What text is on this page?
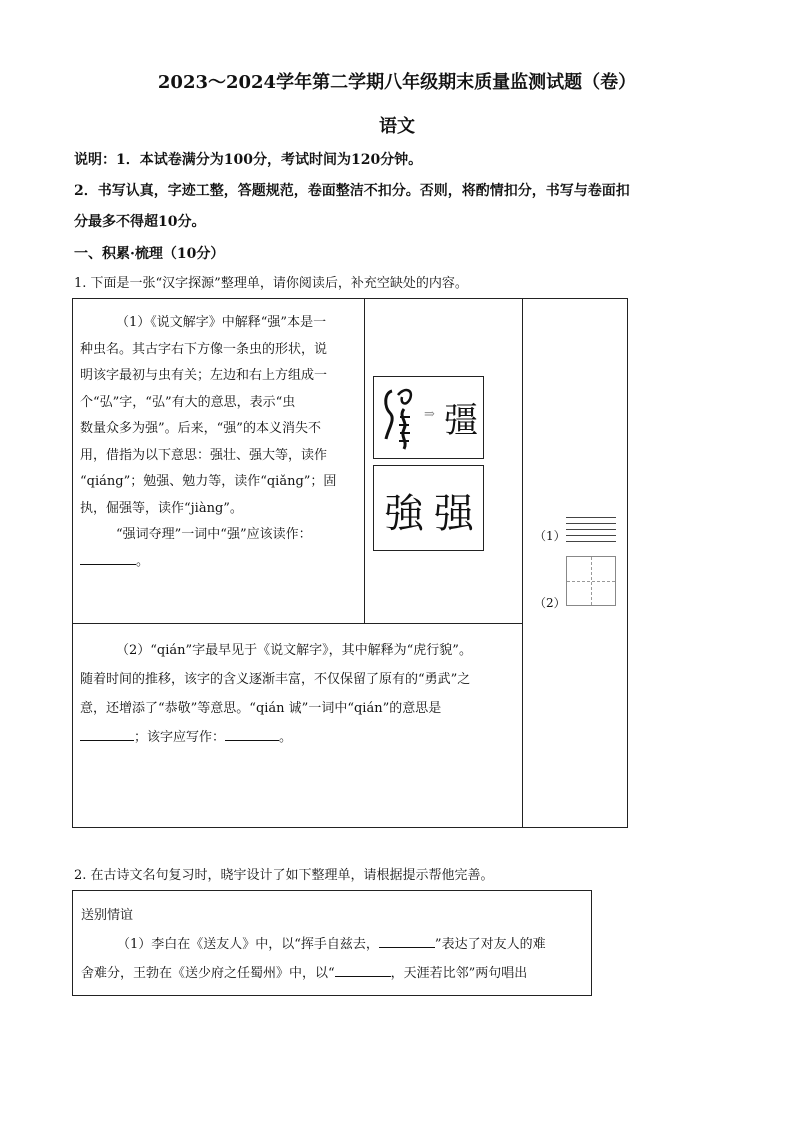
2023～2024学年第二学期八年级期末质量监测试题（卷）
语文
说明：1．本试卷满分为100分，考试时间为120分钟。
2．书写认真，字迹工整，答题规范，卷面整洁不扣分。否则，将酌情扣分，书写与卷面扣
分最多不得超10分。
一、积累·梳理（10分）
1. 下面是一张“汉字探源”整理单，请你阅读后，补充空缺处的内容。

（1）《说文解字》中解释“强”本是一

种虫名。其古字右下方像一条虫的形状，说

明该字最初与虫有关；左边和右上方组成一

个“弘”字，“弘”有大的意思，表示“虫

数量众多为强”。后来，“强”的本义消失不

用，借指为以下意思：强壮、强大等，读作

“qiáng”；勉强、勉力等，读作“qiǎng”；固

执，倔强等，读作“jiàng”。

“强词夺理”一词中“强”应该读作：

。

⇒ 彊
強 强

（2）“qián”字最早见于《说文解字》，其中解释为“虎行貌”。

随着时间的推移，该字的含义逐渐丰富，不仅保留了原有的“勇武”之

意，还增添了“恭敬”等意思。“qián 诚”一词中“qián”的意思是

；该字应写作：	。

（1）
（2）
2. 在古诗文名句复习时，晓宇设计了如下整理单，请根据提示帮他完善。

送别情谊

（1）李白在《送友人》中，以“挥手自兹去，	”表达了对友人的难

舍难分，王勃在《送少府之任蜀州》中，以“	，天涯若比邻”两句唱出
